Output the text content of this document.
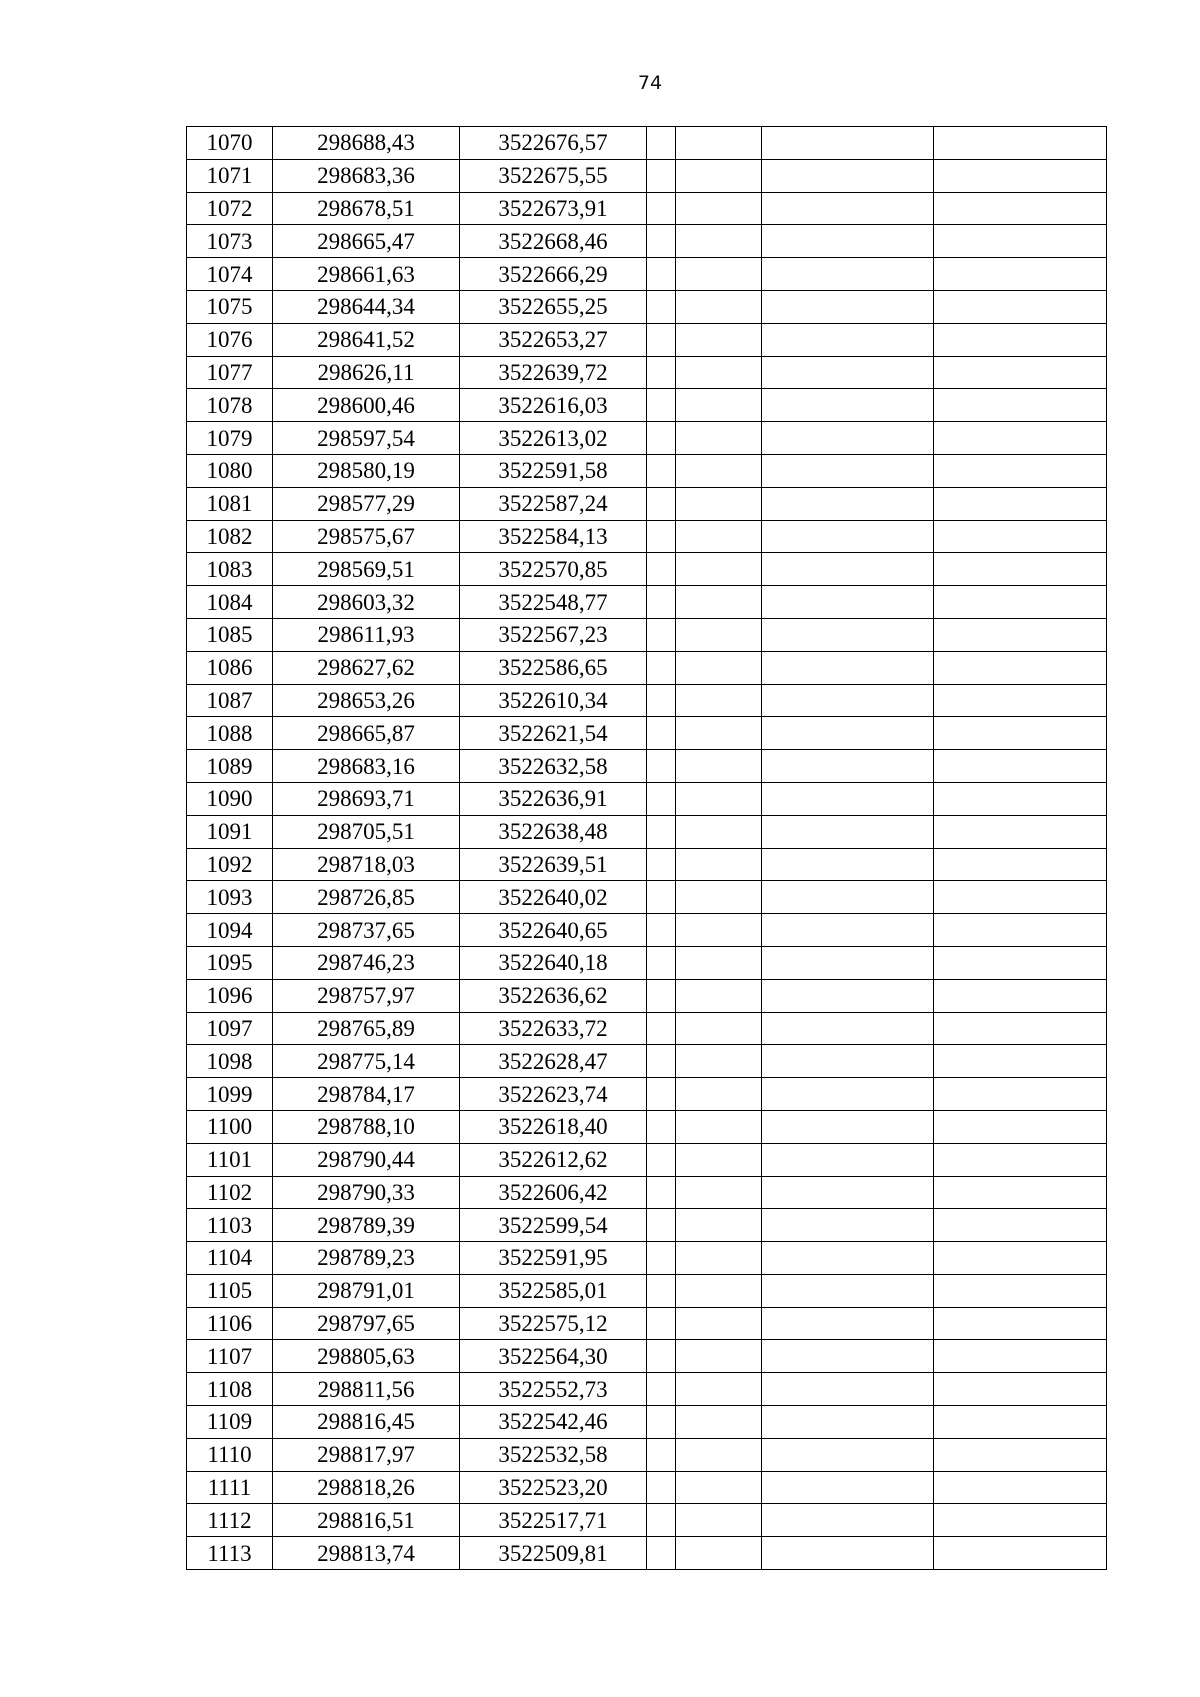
74
1070	298688,43	3522676,57				
1071	298683,36	3522675,55				
1072	298678,51	3522673,91				
1073	298665,47	3522668,46				
1074	298661,63	3522666,29				
1075	298644,34	3522655,25				
1076	298641,52	3522653,27				
1077	298626,11	3522639,72				
1078	298600,46	3522616,03				
1079	298597,54	3522613,02				
1080	298580,19	3522591,58				
1081	298577,29	3522587,24				
1082	298575,67	3522584,13				
1083	298569,51	3522570,85				
1084	298603,32	3522548,77				
1085	298611,93	3522567,23				
1086	298627,62	3522586,65				
1087	298653,26	3522610,34				
1088	298665,87	3522621,54				
1089	298683,16	3522632,58				
1090	298693,71	3522636,91				
1091	298705,51	3522638,48				
1092	298718,03	3522639,51				
1093	298726,85	3522640,02				
1094	298737,65	3522640,65				
1095	298746,23	3522640,18				
1096	298757,97	3522636,62				
1097	298765,89	3522633,72				
1098	298775,14	3522628,47				
1099	298784,17	3522623,74				
1100	298788,10	3522618,40				
1101	298790,44	3522612,62				
1102	298790,33	3522606,42				
1103	298789,39	3522599,54				
1104	298789,23	3522591,95				
1105	298791,01	3522585,01				
1106	298797,65	3522575,12				
1107	298805,63	3522564,30				
1108	298811,56	3522552,73				
1109	298816,45	3522542,46				
1110	298817,97	3522532,58				
1111	298818,26	3522523,20				
1112	298816,51	3522517,71				
1113	298813,74	3522509,81				
